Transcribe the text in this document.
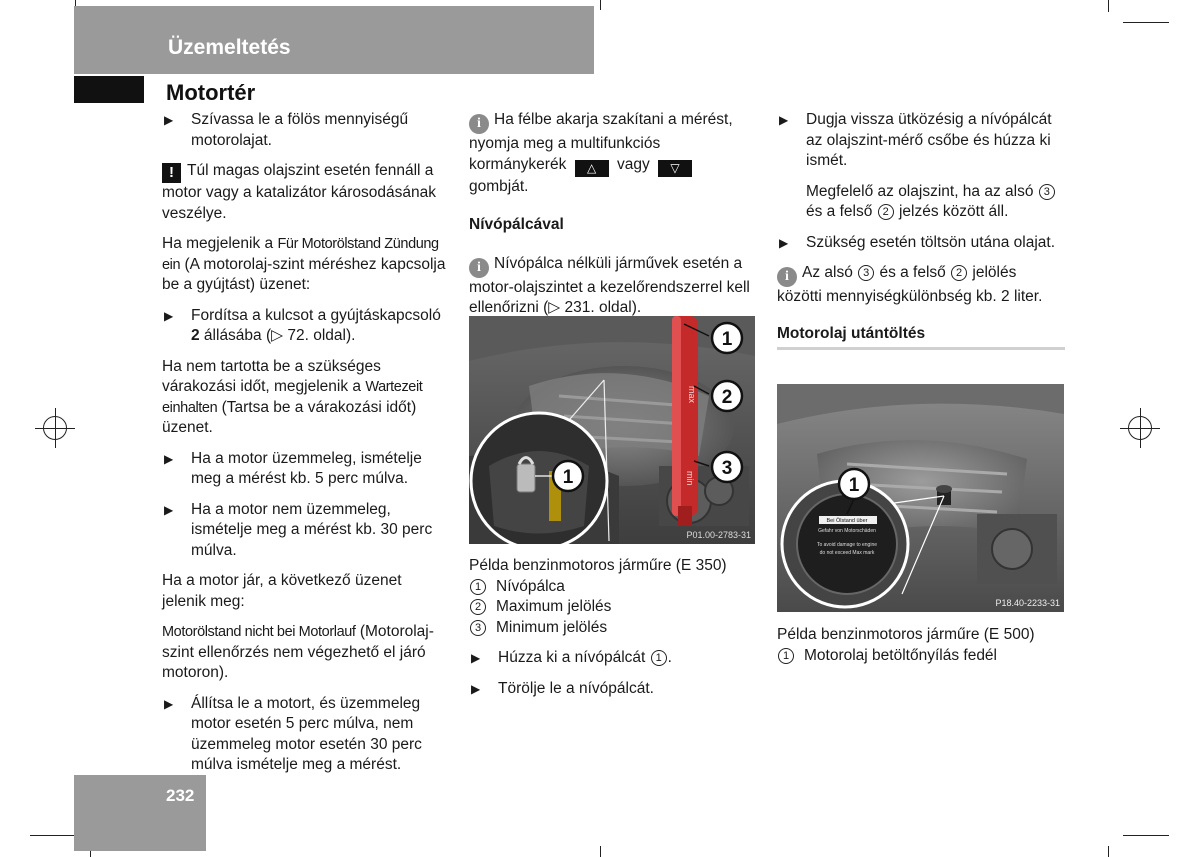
Üzemeltetés
Motortér
232
▶ Szívassa le a fölös mennyiségű motorolajat.
! Túl magas olajszint esetén fennáll a motor vagy a katalizátor károsodásának veszélye.
Ha megjelenik a Für Motorölstand Zündung ein (A motorolaj-szint méréshez kapcsolja be a gyújtást) üzenet:
▶ Fordítsa a kulcsot a gyújtáskapcsoló 2 állásába (▷ 72. oldal).
Ha nem tartotta be a szükséges várakozási időt, megjelenik a Wartezeit einhalten (Tartsa be a várakozási időt) üzenet.
▶ Ha a motor üzemmeleg, ismételje meg a mérést kb. 5 perc múlva.
▶ Ha a motor nem üzemmeleg, ismételje meg a mérést kb. 30 perc múlva.
Ha a motor jár, a következő üzenet jelenik meg:
Motorölstand nicht bei Motorlauf (Motorolaj-szint ellenőrzés nem végezhető el járó motoron).
▶ Állítsa le a motort, és üzemmeleg motor esetén 5 perc múlva, nem üzemmeleg motor esetén 30 perc múlva ismételje meg a mérést.
i Ha félbe akarja szakítani a mérést, nyomja meg a multifunkciós kormánykerék △ vagy ▽ gombját.
Nívópálcával
i Nívópálca nélküli járművek esetén a motor-olajszintet a kezelőrendszerrel kell ellenőrizni (▷ 231. oldal).
max
min
1
2
3
1
P01.00-2783-31
Példa benzinmotoros járműre (E 350)
1 Nívópálca
2 Maximum jelölés
3 Minimum jelölés
▶ Húzza ki a nívópálcát 1 .
▶ Törölje le a nívópálcát.
▶ Dugja vissza ütközésig a nívópálcát az olajszint-mérő csőbe és húzza ki ismét.
Megfelelő az olajszint, ha az alsó 3 és a felső 2 jelzés között áll.
▶ Szükség esetén töltsön utána olajat.
i Az alsó 3 és a felső 2 jelölés közötti mennyiségkülönbség kb. 2 liter.
Motorolaj utántöltés
Bei Ölstand über
Gefahr von Motorschäden
To avoid damage to engine
do not exceed Max mark
1
P18.40-2233-31
Példa benzinmotoros járműre (E 500)
1 Motorolaj betöltőnyílás fedél
